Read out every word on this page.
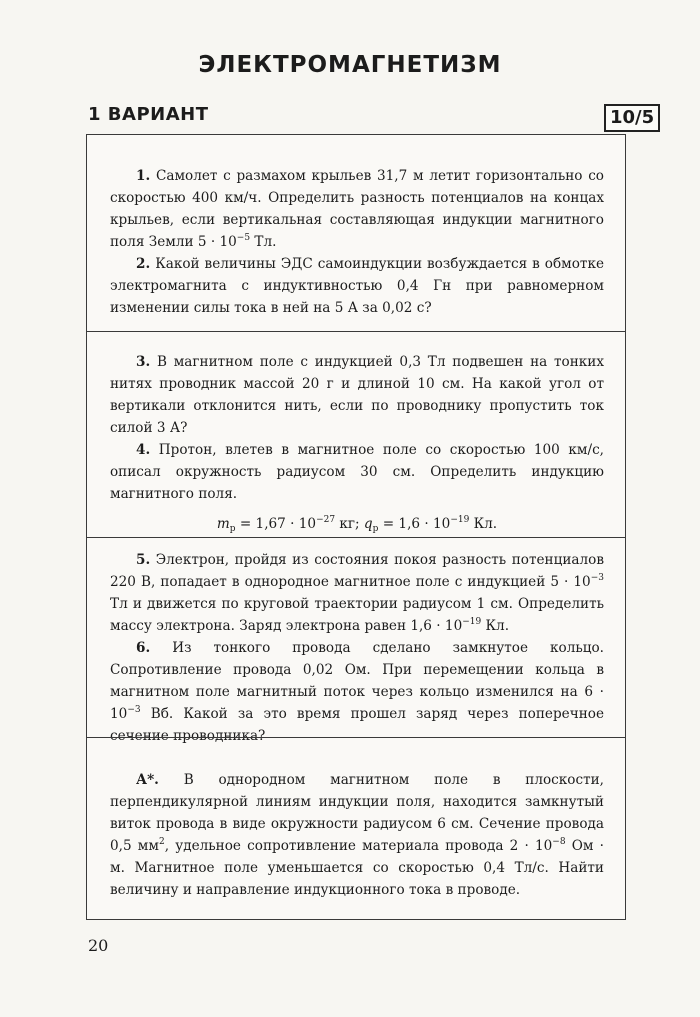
ЭЛЕКТРОМАГНЕТИЗМ
1 ВАРИАНТ	10/5

1. Самолет с размахом крыльев 31,7 м летит горизонтально со скоростью 400 км/ч. Определить разность потенциалов на концах крыльев, если вертикальная составляющая индукции магнитного поля Земли $5 \cdot 10^{-5}$ Тл.

2. Какой величины ЭДС самоиндукции возбуждается в обмотке электромагнита с индуктивностью 0,4 Гн при равномерном изменении силы тока в ней на 5 А за 0,02 с?

3. В магнитном поле с индукцией 0,3 Тл подвешен на тонких нитях проводник массой 20 г и длиной 10 см. На какой угол от вертикали отклонится нить, если по проводнику пропустить ток силой 3 А?

4. Протон, влетев в магнитное поле со скоростью 100 км/с, описал окружность радиусом 30 см. Определить индукцию магнитного поля.

$m_p = 1,67 \cdot 10^{-27}$ кг; $q_p = 1,6 \cdot 10^{-19}$ Кл.

5. Электрон, пройдя из состояния покоя разность потенциалов 220 В, попадает в однородное магнитное поле с индукцией $5 \cdot 10^{-3}$ Тл и движется по круговой траектории радиусом 1 см. Определить массу электрона. Заряд электрона равен $1,6 \cdot 10^{-19}$ Кл.

6. Из тонкого провода сделано замкнутое кольцо. Сопротивление провода 0,02 Ом. При перемещении кольца в магнитном поле магнитный поток через кольцо изменился на $6 \cdot 10^{-3}$ Вб. Какой за это время прошел заряд через поперечное сечение проводника?

А*. В однородном магнитном поле в плоскости, перпендикулярной линиям индукции поля, находится замкнутый виток провода в виде окружности радиусом 6 см. Сечение провода 0,5 $мм^2$, удельное сопротивление материала провода $2 \cdot 10^{-8}$ Ом · м. Магнитное поле уменьшается со скоростью 0,4 Тл/с. Найти величину и направление индукционного тока в проводе.

20
